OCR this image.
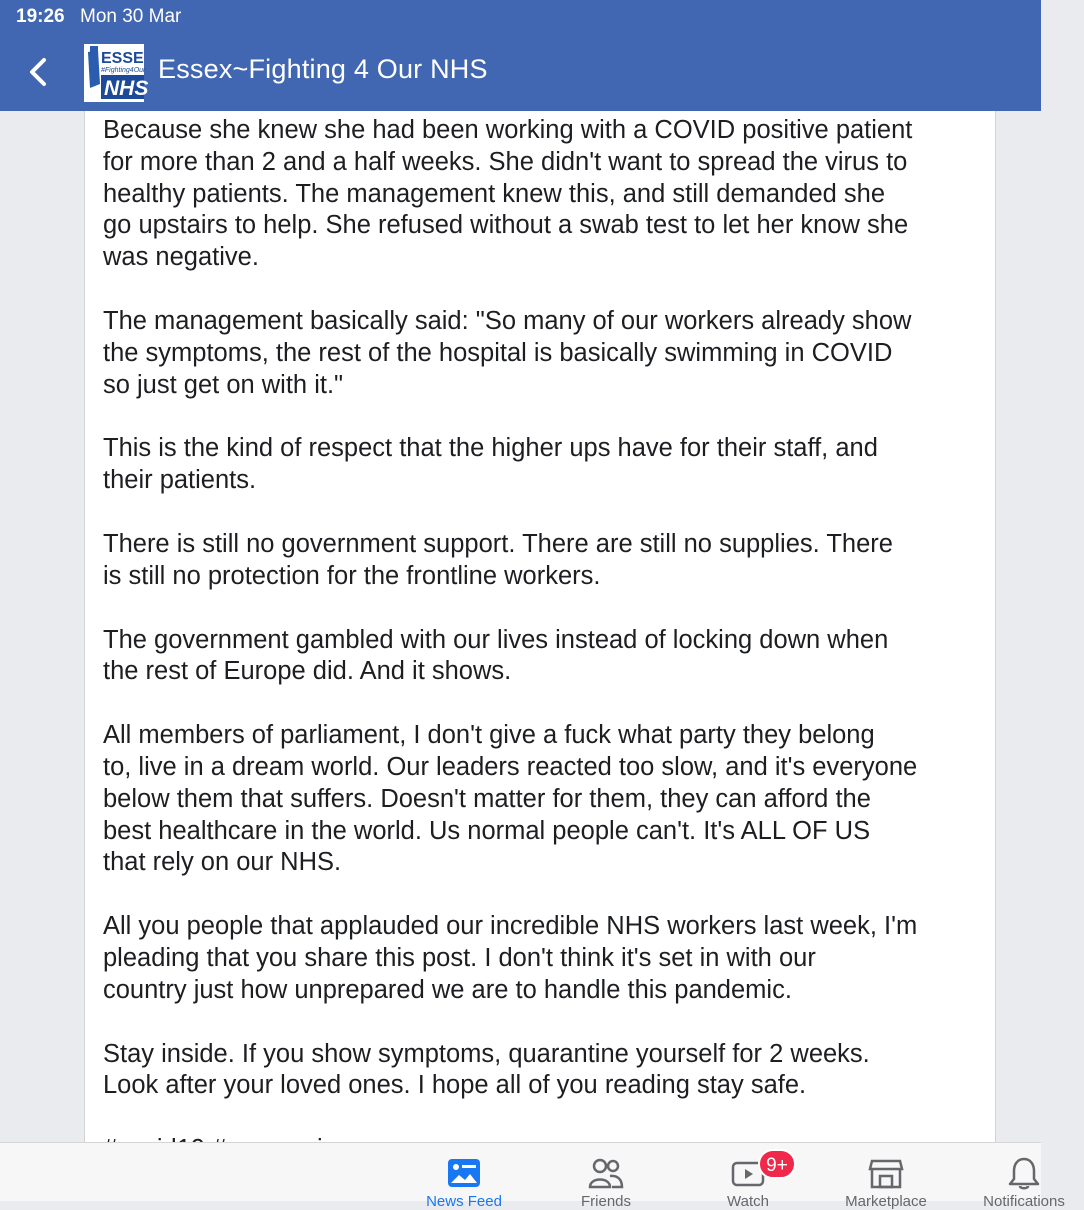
19:26 Mon 30 Mar
ESSE
#Fighting4Our
NHS
Essex~Fighting 4 Our NHS

Because she knew she had been working with a COVID positive patient
for more than 2 and a half weeks. She didn't want to spread the virus to
healthy patients. The management knew this, and still demanded she
go upstairs to help. She refused without a swab test to let her know she
was negative.

The management basically said: "So many of our workers already show
the symptoms, the rest of the hospital is basically swimming in COVID
so just get on with it."

This is the kind of respect that the higher ups have for their staff, and
their patients.

There is still no government support. There are still no supplies. There
is still no protection for the frontline workers.

The government gambled with our lives instead of locking down when
the rest of Europe did. And it shows.

All members of parliament, I don't give a fuck what party they belong
to, live in a dream world. Our leaders reacted too slow, and it's everyone
below them that suffers. Doesn't matter for them, they can afford the
best healthcare in the world. Us normal people can't. It's ALL OF US
that rely on our NHS.

All you people that applauded our incredible NHS workers last week, I'm
pleading that you share this post. I don't think it's set in with our
country just how unprepared we are to handle this pandemic.

Stay inside. If you show symptoms, quarantine yourself for 2 weeks.
Look after your loved ones. I hope all of you reading stay safe.

News Feed	Friends
9+
Watch	Marketplace	Notifications
